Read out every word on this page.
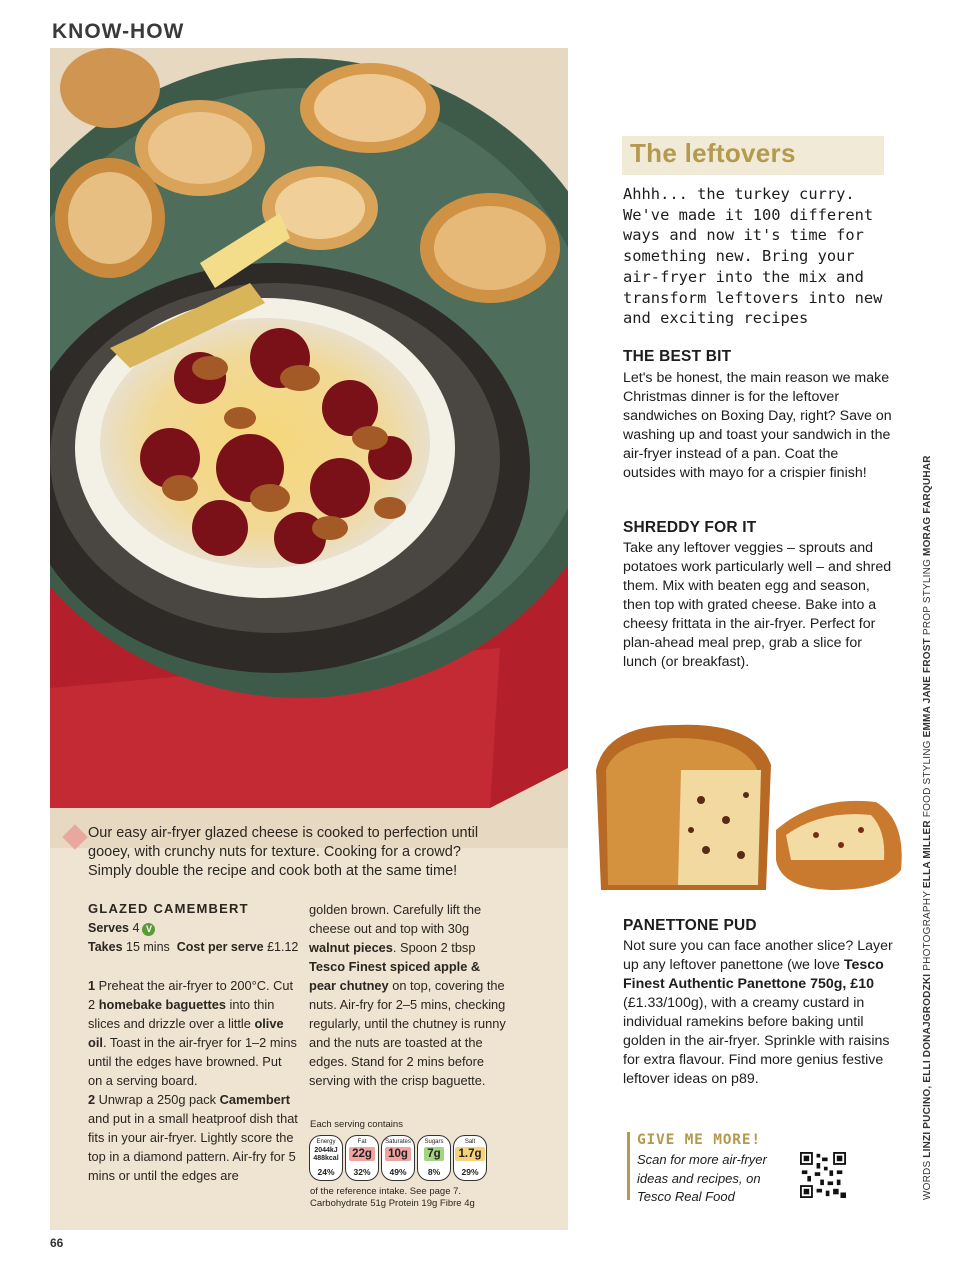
KNOW-HOW
Our easy air-fryer glazed cheese is cooked to perfection until gooey, with crunchy nuts for texture. Cooking for a crowd? Simply double the recipe and cook both at the same time!
GLAZED CAMEMBERT
Serves 4 V
Takes 15 mins Cost per serve £1.12
1 Preheat the air-fryer to 200°C. Cut 2 homebake baguettes into thin slices and drizzle over a little olive oil. Toast in the air-fryer for 1–2 mins until the edges have browned. Put on a serving board.
2 Unwrap a 250g pack Camembert and put in a small heatproof dish that fits in your air-fryer. Lightly score the top in a diamond pattern. Air-fry for 5 mins or until the edges are
golden brown. Carefully lift the cheese out and top with 30g walnut pieces. Spoon 2 tbsp Tesco Finest spiced apple & pear chutney on top, covering the nuts. Air-fry for 2–5 mins, checking regularly, until the chutney is runny and the nuts are toasted at the edges. Stand for 2 mins before serving with the crisp baguette.
Each serving contains
Energy
2044kJ
488kcal
24%
Fat
22g
32%
Saturates
10g
49%
Sugars
7g
8%
Salt
1.7g
29%
of the reference intake. See page 7. Carbohydrate 51g Protein 19g Fibre 4g
The leftovers
Ahhh... the turkey curry. We've made it 100 different ways and now it's time for something new. Bring your air-fryer into the mix and transform leftovers into new and exciting recipes
THE BEST BIT
Let's be honest, the main reason we make Christmas dinner is for the leftover sandwiches on Boxing Day, right? Save on washing up and toast your sandwich in the air-fryer instead of a pan. Coat the outsides with mayo for a crispier finish!
SHREDDY FOR IT
Take any leftover veggies – sprouts and potatoes work particularly well – and shred them. Mix with beaten egg and season, then top with grated cheese. Bake into a cheesy frittata in the air-fryer. Perfect for plan-ahead meal prep, grab a slice for lunch (or breakfast).
PANETTONE PUD
Not sure you can face another slice? Layer up any leftover panettone (we love Tesco Finest Authentic Panettone 750g, £10 (£1.33/100g), with a creamy custard in individual ramekins before baking until golden in the air-fryer. Sprinkle with raisins for extra flavour. Find more genius festive leftover ideas on p89.
GIVE ME MORE!
Scan for more air-fryer ideas and recipes, on Tesco Real Food	WORDS LINZI PUCINO, ELLI DONAJGRODZKI PHOTOGRAPHY ELLA MILLER FOOD STYLING EMMA JANE FROST PROP STYLING MORAG FARQUHAR
66
